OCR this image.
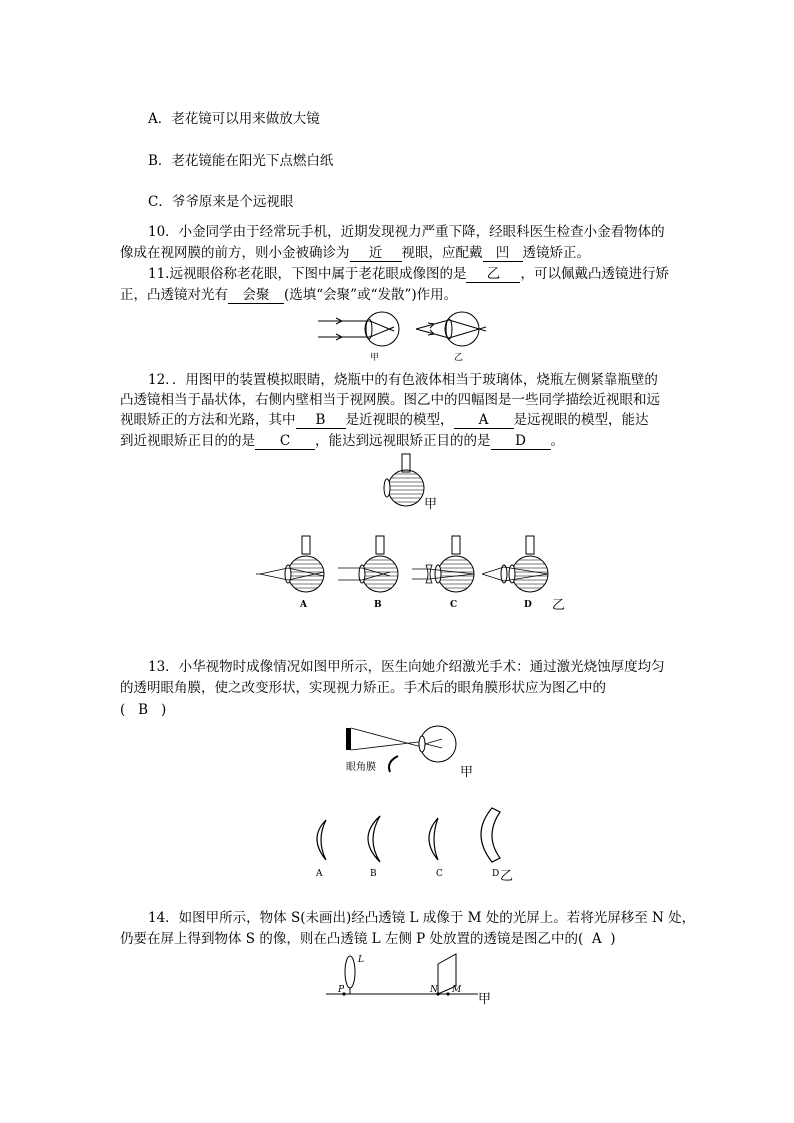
A．老花镜可以用来做放大镜
B．老花镜能在阳光下点燃白纸
C．爷爷原来是个远视眼
10．小金同学由于经常玩手机，近期发现视力严重下降，经眼科医生检查小金看物体的
像成在视网膜的前方，则小金被确诊为 近 视眼，应配戴 凹 透镜矫正。
11.远视眼俗称老花眼，下图中属于老花眼成像图的是 乙 ，可以佩戴凸透镜进行矫
正，凸透镜对光有 会聚 (选填“会聚”或“发散”)作用。
甲	乙
12．．用图甲的装置模拟眼睛，烧瓶中的有色液体相当于玻璃体，烧瓶左侧紧靠瓶壁的
凸透镜相当于晶状体，右侧内壁相当于视网膜。图乙中的四幅图是一些同学描绘近视眼和远
视眼矫正的方法和光路，其中 B 是近视眼的模型， A 是远视眼的模型，能达
到近视眼矫正目的的是 C ，能达到远视眼矫正目的的是 D 。
甲
A	B	C	D 乙
13．小华视物时成像情况如图甲所示，医生向她介绍激光手术：通过激光烧蚀厚度均匀
的透明眼角膜，使之改变形状，实现视力矫正。手术后的眼角膜形状应为图乙中的
( B )
眼角膜	甲
A	B	C	D 乙
14．如图甲所示，物体 S(未画出)经凸透镜 L 成像于 M 处的光屏上。若将光屏移至 N 处，
仍要在屏上得到物体 S 的像，则在凸透镜 L 左侧 P 处放置的透镜是图乙中的( A )
L
P	N M
甲
